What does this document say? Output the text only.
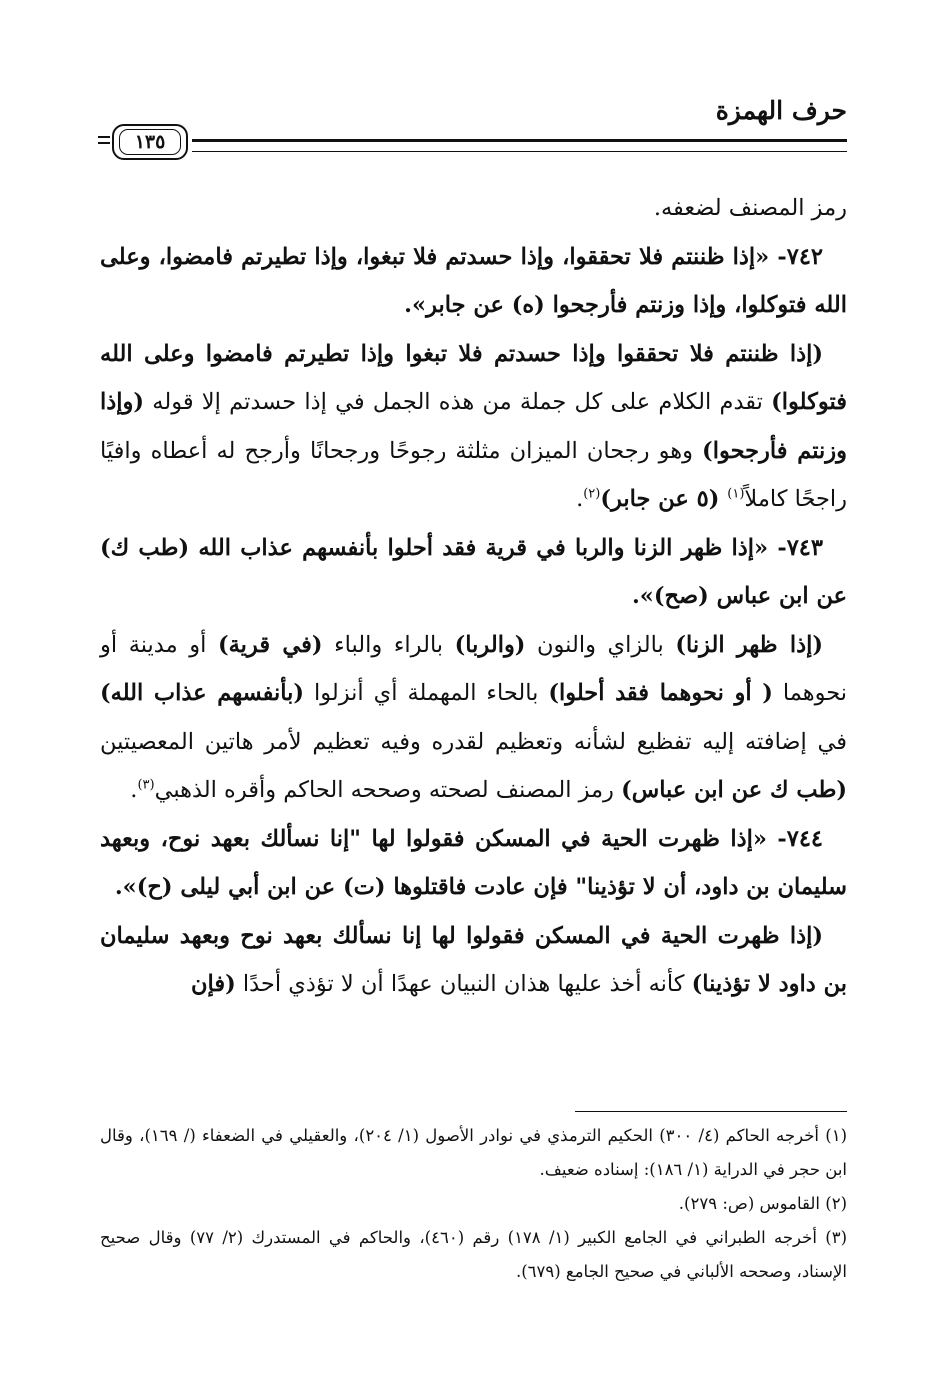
حرف الهمزة
١٣٥

رمز المصنف لضعفه.

٧٤٢- «إذا ظننتم فلا تحققوا، وإذا حسدتم فلا تبغوا، وإذا تطيرتم فامضوا، وعلى الله فتوكلوا، وإذا وزنتم فأرجحوا (ه) عن جابر».

(إذا ظننتم فلا تحققوا وإذا حسدتم فلا تبغوا وإذا تطيرتم فامضوا وعلى الله فتوكلوا) تقدم الكلام على كل جملة من هذه الجمل في إذا حسدتم إلا قوله (وإذا وزنتم فأرجحوا) وهو رجحان الميزان مثلثة رجوحًا ورجحانًا وأرجح له أعطاه وافيًا راجحًا كاملاً$^{(١)}$ (٥ عن جابر)$^{(٢)}$.

٧٤٣- «إذا ظهر الزنا والربا في قرية فقد أحلوا بأنفسهم عذاب الله (طب ك) عن ابن عباس (صح)».

(إذا ظهر الزنا) بالزاي والنون (والربا) بالراء والباء (في قرية) أو مدينة أو نحوهما ( أو نحوهما فقد أحلوا) بالحاء المهملة أي أنزلوا (بأنفسهم عذاب الله) في إضافته إليه تفظيع لشأنه وتعظيم لقدره وفيه تعظيم لأمر هاتين المعصيتين (طب ك عن ابن عباس) رمز المصنف لصحته وصححه الحاكم وأقره الذهبي$^{(٣)}$.

٧٤٤- «إذا ظهرت الحية في المسكن فقولوا لها "إنا نسألك بعهد نوح، وبعهد سليمان بن داود، أن لا تؤذينا" فإن عادت فاقتلوها (ت) عن ابن أبي ليلى (ح)».

(إذا ظهرت الحية في المسكن فقولوا لها إنا نسألك بعهد نوح وبعهد سليمان بن داود لا تؤذينا) كأنه أخذ عليها هذان النبيان عهدًا أن لا تؤذي أحدًا (فإن

(١) أخرجه الحاكم (٤/ ٣٠٠) الحكيم الترمذي في نوادر الأصول (١/ ٢٠٤)، والعقيلي في الضعفاء (/ ١٦٩)، وقال ابن حجر في الدراية (١/ ١٨٦): إسناده ضعيف.

(٢) القاموس (ص: ٢٧٩).

(٣) أخرجه الطبراني في الجامع الكبير (١/ ١٧٨) رقم (٤٦٠)، والحاكم في المستدرك (٢/ ٧٧) وقال صحيح الإسناد، وصححه الألباني في صحيح الجامع (٦٧٩).
